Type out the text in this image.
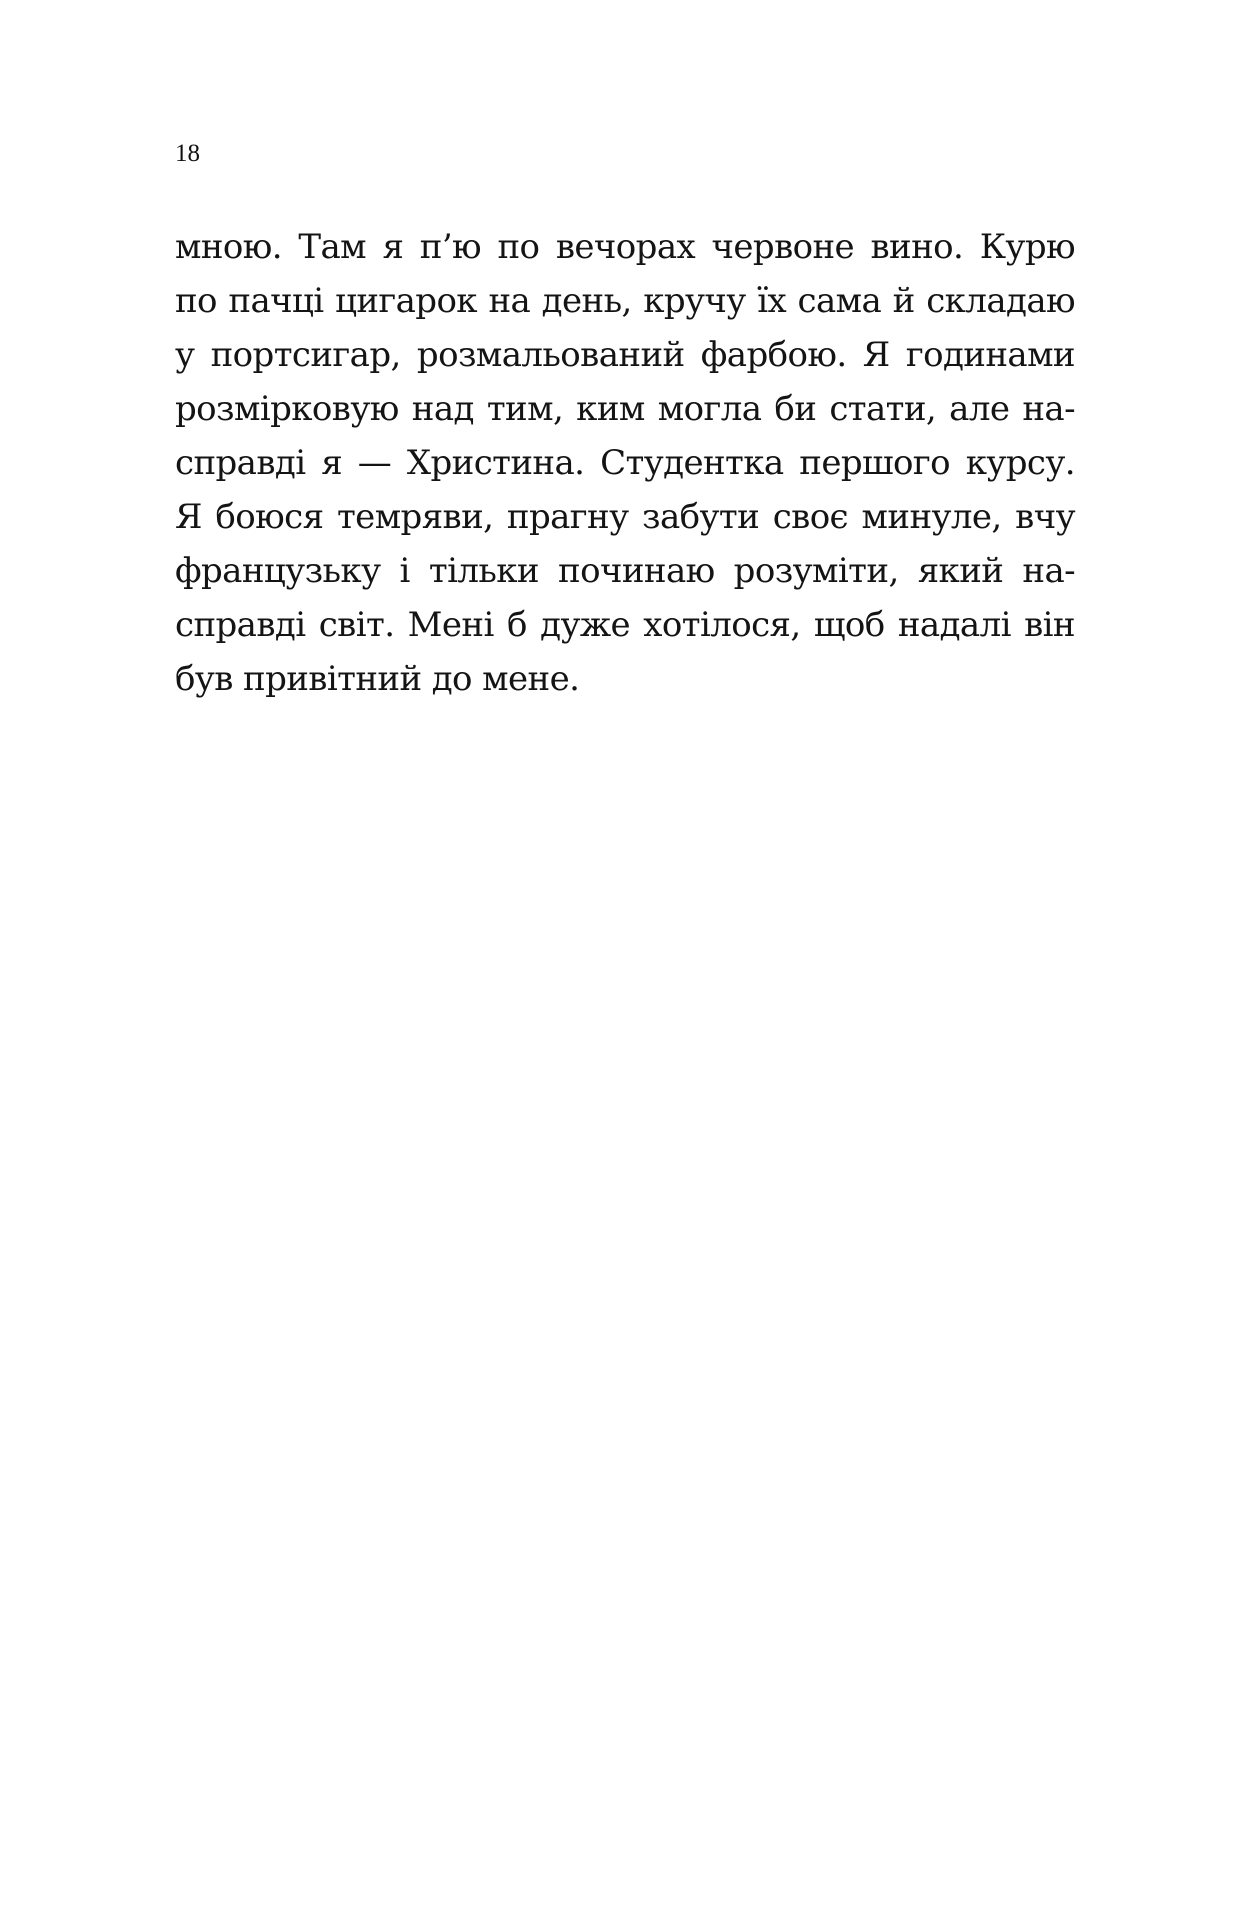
18

мною. Там я п’ю по вечорах червоне вино. Курю
по пачці цигарок на день, кручу їх сама й складаю
у портсигар, розмальований фарбою. Я годинами
розмірковую над тим, ким могла би стати, але на-
справді я — Христина. Студентка першого курсу.
Я боюся темряви, прагну забути своє минуле, вчу
французьку і тільки починаю розуміти, який на-
справді світ. Мені б дуже хотілося, щоб надалі він
був привітний до мене.
